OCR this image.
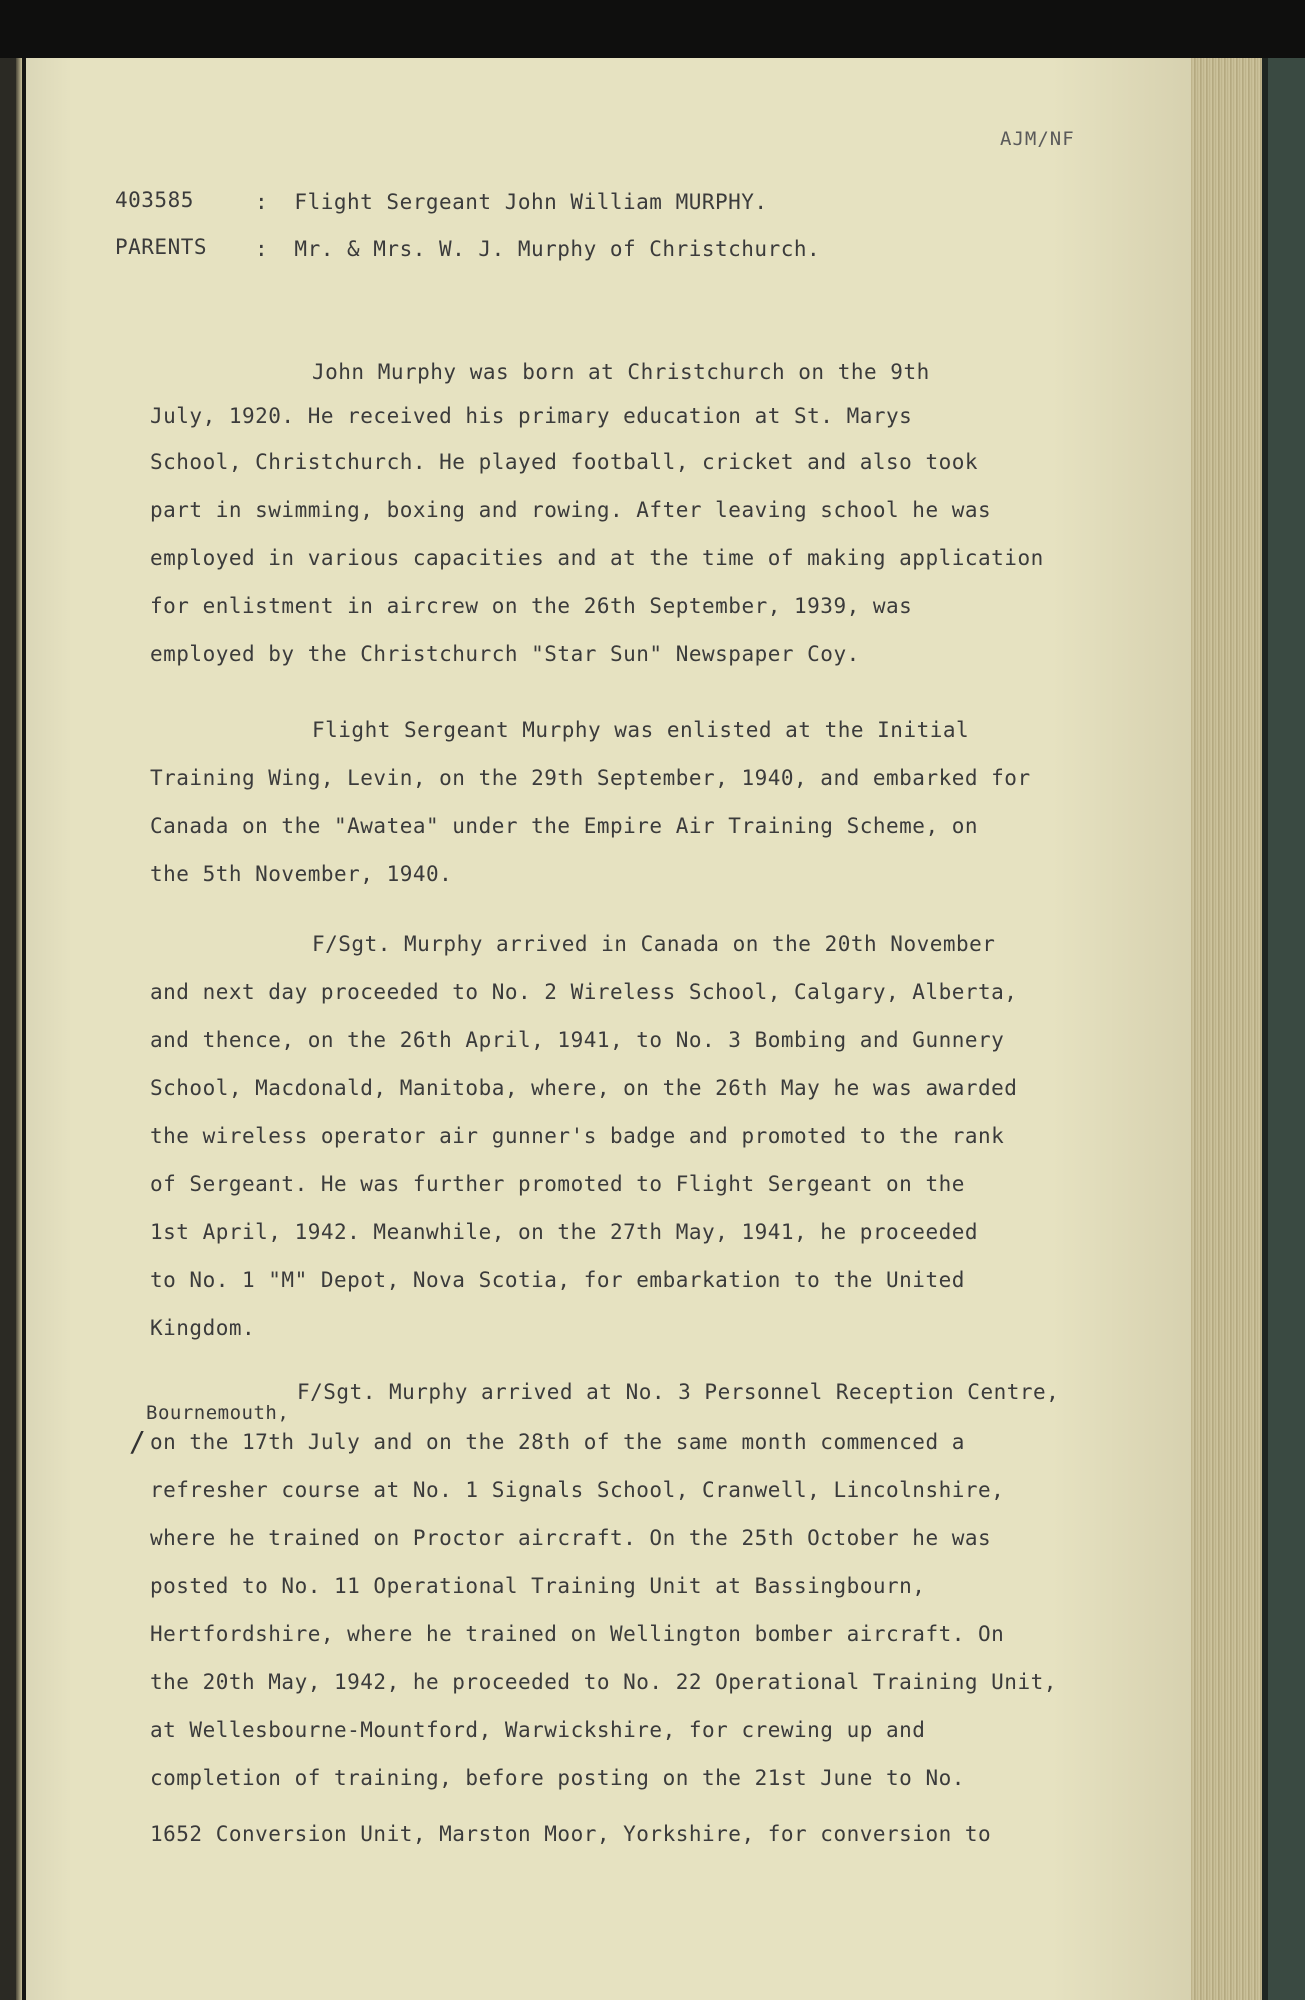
AJM/NF
403585	:  Flight Sergeant John William MURPHY.
PARENTS :  Mr. & Mrs. W. J. Murphy of Christchurch.
John Murphy was born at Christchurch on the 9th
July, 1920. He received his primary education at St. Marys
School, Christchurch. He played football, cricket and also took
part in swimming, boxing and rowing. After leaving school he was
employed in various capacities and at the time of making application
for enlistment in aircrew on the 26th September, 1939, was
employed by the Christchurch "Star Sun" Newspaper Coy.
Flight Sergeant Murphy was enlisted at the Initial
Training Wing, Levin, on the 29th September, 1940, and embarked for
Canada on the "Awatea" under the Empire Air Training Scheme, on
the 5th November, 1940.
F/Sgt. Murphy arrived in Canada on the 20th November
and next day proceeded to No. 2 Wireless School, Calgary, Alberta,
and thence, on the 26th April, 1941, to No. 3 Bombing and Gunnery
School, Macdonald, Manitoba, where, on the 26th May he was awarded
the wireless operator air gunner's badge and promoted to the rank
of Sergeant. He was further promoted to Flight Sergeant on the
1st April, 1942. Meanwhile, on the 27th May, 1941, he proceeded
to No. 1 "M" Depot, Nova Scotia, for embarkation to the United
Kingdom.
F/Sgt. Murphy arrived at No. 3 Personnel Reception Centre,
Bournemouth,
/ on the 17th July and on the 28th of the same month commenced a
refresher course at No. 1 Signals School, Cranwell, Lincolnshire,
where he trained on Proctor aircraft. On the 25th October he was
posted to No. 11 Operational Training Unit at Bassingbourn,
Hertfordshire, where he trained on Wellington bomber aircraft. On
the 20th May, 1942, he proceeded to No. 22 Operational Training Unit,
at Wellesbourne-Mountford, Warwickshire, for crewing up and
completion of training, before posting on the 21st June to No.
1652 Conversion Unit, Marston Moor, Yorkshire, for conversion to
